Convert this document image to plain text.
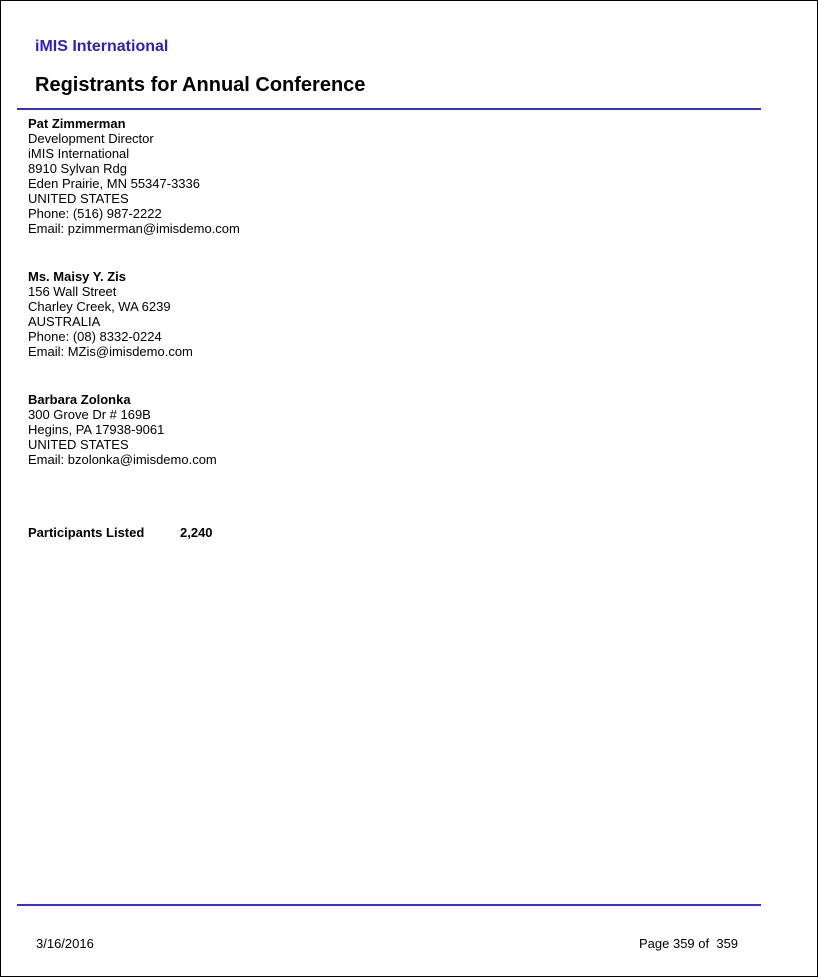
iMIS International
Registrants for Annual Conference
Pat Zimmerman
Development Director
iMIS International
8910 Sylvan Rdg
Eden Prairie, MN 55347-3336
UNITED STATES
Phone: (516) 987-2222
Email: pzimmerman@imisdemo.com
Ms. Maisy Y. Zis
156 Wall Street
Charley Creek, WA 6239
AUSTRALIA
Phone: (08) 8332-0224
Email: MZis@imisdemo.com
Barbara Zolonka
300 Grove Dr # 169B
Hegins, PA 17938-9061
UNITED STATES
Email: bzolonka@imisdemo.com
Participants Listed	2,240
3/16/2016	Page 359 of  359
